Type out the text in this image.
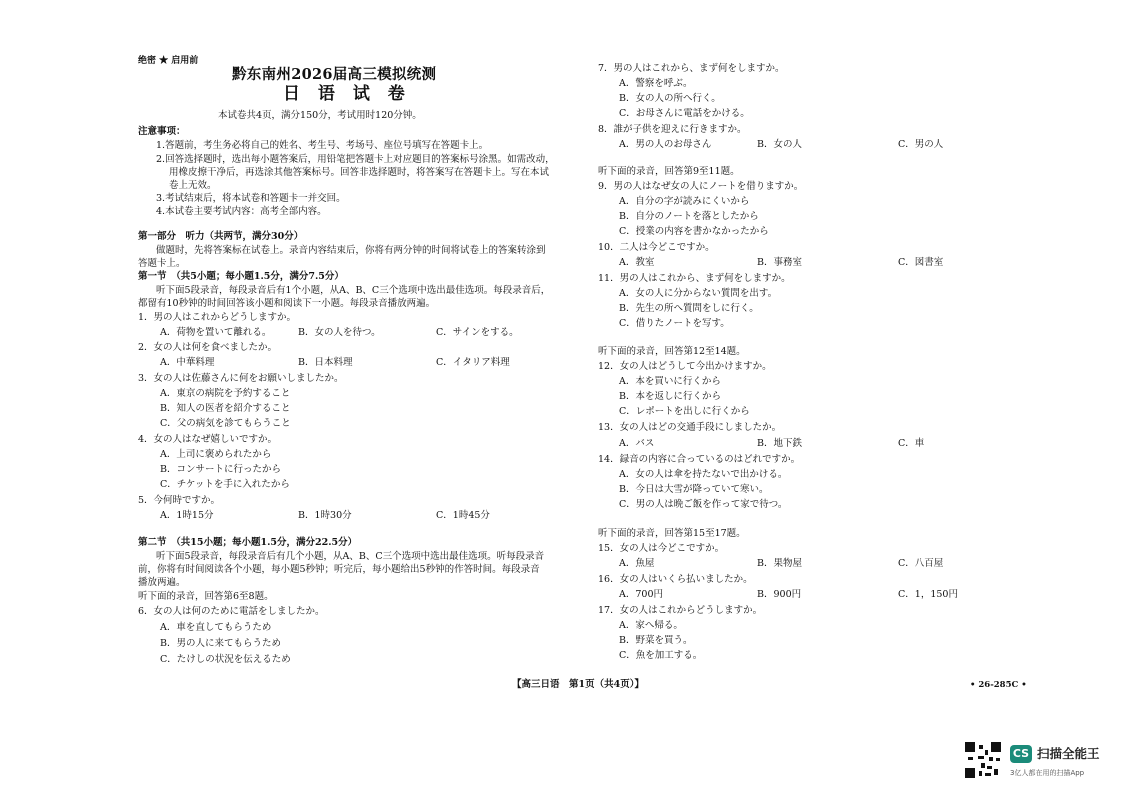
绝密 ★ 启用前
黔东南州2026届高三模拟统测
日 语 试 卷
本试卷共4页，满分150分，考试用时120分钟。
注意事项：
1.答题前，考生务必将自己的姓名、考生号、考场号、座位号填写在答题卡上。
2.回答选择题时，选出每小题答案后，用铅笔把答题卡上对应题目的答案标号涂黑。如需改动，
用橡皮擦干净后，再选涂其他答案标号。回答非选择题时，将答案写在答题卡上。写在本试
卷上无效。
3.考试结束后，将本试卷和答题卡一并交回。
4.本试卷主要考试内容：高考全部内容。
第一部分　听力（共两节，满分30分）
做题时，先将答案标在试卷上。录音内容结束后，你将有两分钟的时间将试卷上的答案转涂到
答题卡上。
第一节　（共5小题；每小题1.5分，满分7.5分）
听下面5段录音，每段录音后有1个小题，从A、B、C三个选项中选出最佳选项。每段录音后，
都留有10秒钟的时间回答该小题和阅读下一小题。每段录音播放两遍。
1．男の人はこれからどうしますか。
A．荷物を置いて離れる。	B．女の人を待つ。	C．サインをする。
2．女の人は何を食べましたか。
A．中華料理	B．日本料理	C．イタリア料理
3．女の人は佐藤さんに何をお願いしましたか。
A．東京の病院を予約すること
B．知人の医者を紹介すること
C．父の病気を診てもらうこと
4．女の人はなぜ嬉しいですか。
A．上司に褒められたから
B．コンサートに行ったから
C．チケットを手に入れたから
5．今何時ですか。
A．1時15分	B．1時30分	C．1時45分
第二节　（共15小题；每小题1.5分，满分22.5分）
听下面5段录音，每段录音后有几个小题，从A、B、C三个选项中选出最佳选项。听每段录音
前，你将有时间阅读各个小题，每小题5秒钟；听完后，每小题给出5秒钟的作答时间。每段录音
播放两遍。
听下面的录音，回答第6至8题。
6．女の人は何のために電話をしましたか。
A．車を直してもらうため
B．男の人に来てもらうため
C．たけしの状況を伝えるため
7．男の人はこれから、まず何をしますか。
A．警察を呼ぶ。
B．女の人の所へ行く。
C．お母さんに電話をかける。
8．誰が子供を迎えに行きますか。
A．男の人のお母さん	B．女の人	C．男の人
听下面的录音，回答第9至11题。
9．男の人はなぜ女の人にノートを借りますか。
A．自分の字が読みにくいから
B．自分のノートを落としたから
C．授業の内容を書かなかったから
10．二人は今どこですか。
A．教室	B．事務室	C．図書室
11．男の人はこれから、まず何をしますか。
A．女の人に分からない質問を出す。
B．先生の所へ質問をしに行く。
C．借りたノートを写す。
听下面的录音，回答第12至14题。
12．女の人はどうして今出かけますか。
A．本を買いに行くから
B．本を返しに行くから
C．レポートを出しに行くから
13．女の人はどの交通手段にしましたか。
A．バス	B．地下鉄	C．車
14．録音の内容に合っているのはどれですか。
A．女の人は傘を持たないで出かける。
B．今日は大雪が降っていて寒い。
C．男の人は晩ご飯を作って家で待つ。
听下面的录音，回答第15至17题。
15．女の人は今どこですか。
A．魚屋	B．果物屋	C．八百屋
16．女の人はいくら払いましたか。
A．700円	B．900円	C．1，150円
17．女の人はこれからどうしますか。
A．家へ帰る。
B．野菜を買う。
C．魚を加工する。
【高三日语　第1页（共4页）】	• 26-285C •
CS 扫描全能王
3亿人都在用的扫描App
